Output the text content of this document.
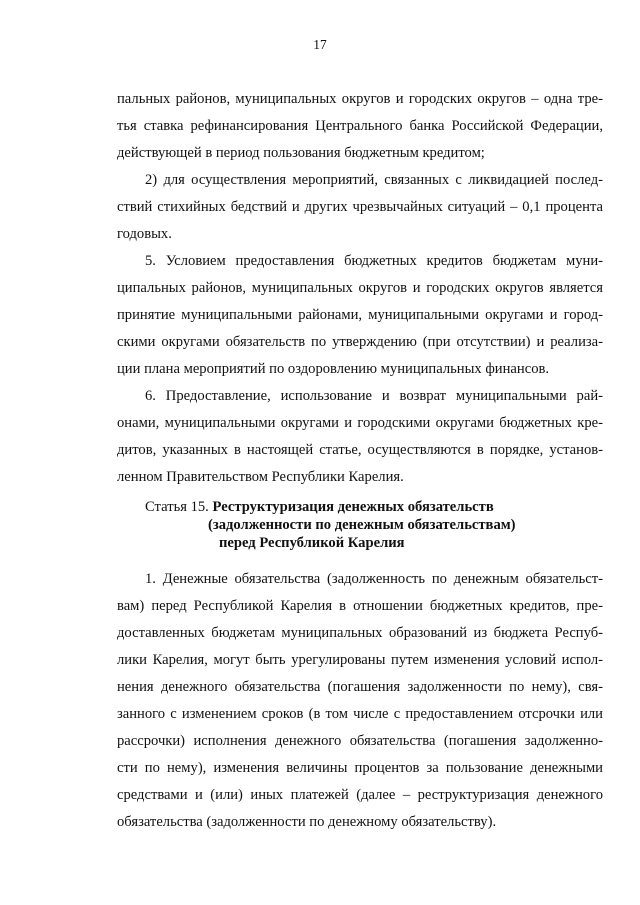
17

пальных районов, муниципальных округов и городских округов – одна тре-

тья ставка рефинансирования Центрального банка Российской Федерации,

действующей в период пользования бюджетным кредитом;

2) для осуществления мероприятий, связанных с ликвидацией послед-

ствий стихийных бедствий и других чрезвычайных ситуаций – 0,1 процента

годовых.

5. Условием предоставления бюджетных кредитов бюджетам муни-

ципальных районов, муниципальных округов и городских округов является

принятие муниципальными районами, муниципальными округами и город-

скими округами обязательств по утверждению (при отсутствии) и реализа-

ции плана мероприятий по оздоровлению муниципальных финансов.

6. Предоставление, использование и возврат муниципальными рай-

онами, муниципальными округами и городскими округами бюджетных кре-

дитов, указанных в настоящей статье, осуществляются в порядке, установ-

ленном Правительством Республики Карелия.

Статья 15. Реструктуризация денежных обязательств
(задолженности по денежным обязательствам)
перед Республикой Карелия

1. Денежные обязательства (задолженность по денежным обязательст-

вам) перед Республикой Карелия в отношении бюджетных кредитов, пре-

доставленных бюджетам муниципальных образований из бюджета Респуб-

лики Карелия, могут быть урегулированы путем изменения условий испол-

нения денежного обязательства (погашения задолженности по нему), свя-

занного с изменением сроков (в том числе с предоставлением отсрочки или

рассрочки) исполнения денежного обязательства (погашения задолженно-

сти по нему), изменения величины процентов за пользование денежными

средствами и (или) иных платежей (далее – реструктуризация денежного

обязательства (задолженности по денежному обязательству).
